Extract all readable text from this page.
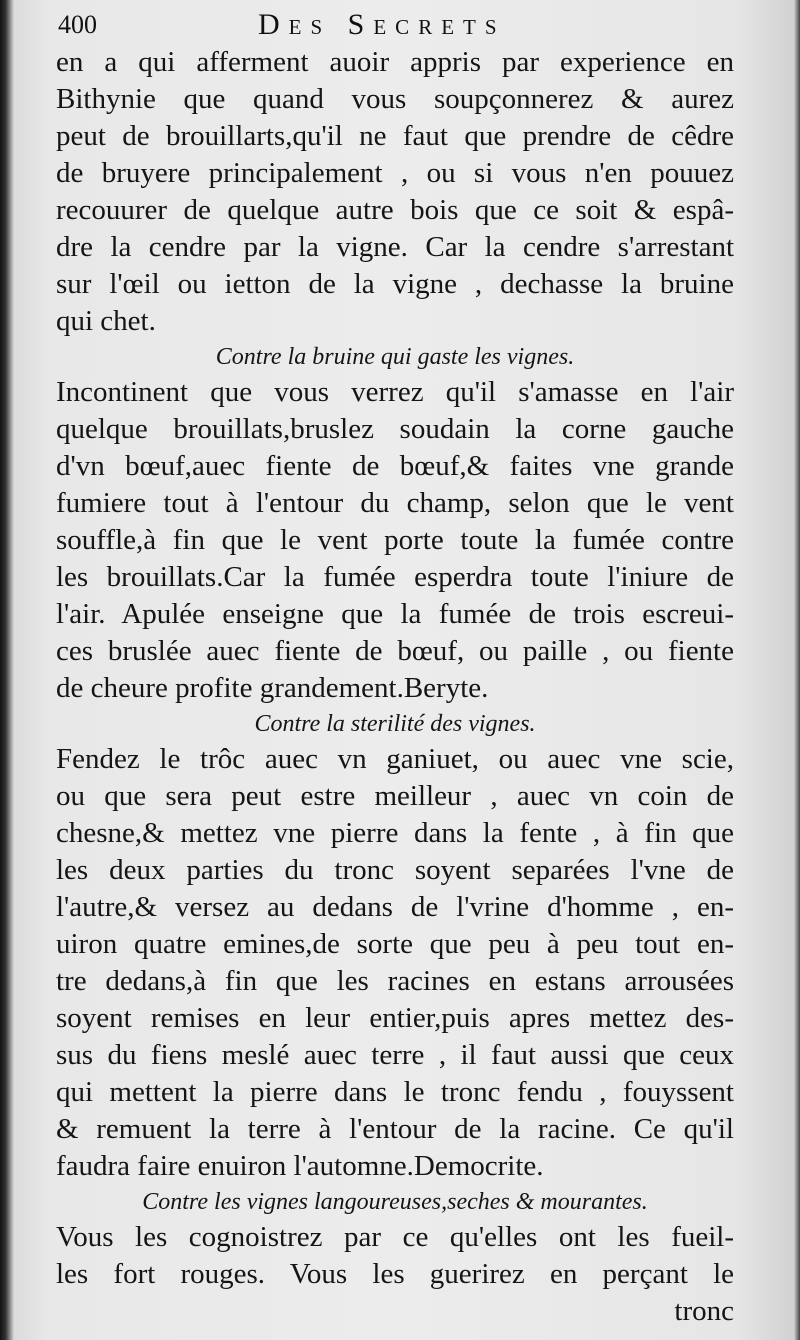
400	Des Secrets
en a qui afferment auoir appris par experience en
Bithynie que quand vous soupçonnerez & aurez
peut de brouillarts,qu'il ne faut que prendre de cêdre
de bruyere principalement , ou si vous n'en pouuez
recouurer de quelque autre bois que ce soit & espâ-
dre la cendre par la vigne. Car la cendre s'arrestant
sur l'œil ou ietton de la vigne , dechasse la bruine
qui chet.
Contre la bruine qui gaste les vignes.
Incontinent que vous verrez qu'il s'amasse en l'air
quelque brouillats,bruslez soudain la corne gauche
d'vn bœuf,auec fiente de bœuf,& faites vne grande
fumiere tout à l'entour du champ, selon que le vent
souffle,à fin que le vent porte toute la fumée contre
les brouillats.Car la fumée esperdra toute l'iniure de
l'air. Apulée enseigne que la fumée de trois escreui-
ces bruslée auec fiente de bœuf, ou paille , ou fiente
de cheure profite grandement.Beryte.
Contre la sterilité des vignes.
Fendez le trôc auec vn ganiuet, ou auec vne scie,
ou que sera peut estre meilleur , auec vn coin de
chesne,& mettez vne pierre dans la fente , à fin que
les deux parties du tronc soyent separées l'vne de
l'autre,& versez au dedans de l'vrine d'homme , en-
uiron quatre emines,de sorte que peu à peu tout en-
tre dedans,à fin que les racines en estans arrousées
soyent remises en leur entier,puis apres mettez des-
sus du fiens meslé auec terre , il faut aussi que ceux
qui mettent la pierre dans le tronc fendu , fouyssent
& remuent la terre à l'entour de la racine. Ce qu'il
faudra faire enuiron l'automne.Democrite.
Contre les vignes langoureuses,seches & mourantes.
Vous les cognoistrez par ce qu'elles ont les fueil-
les fort rouges. Vous les guerirez en perçant le
tronc
